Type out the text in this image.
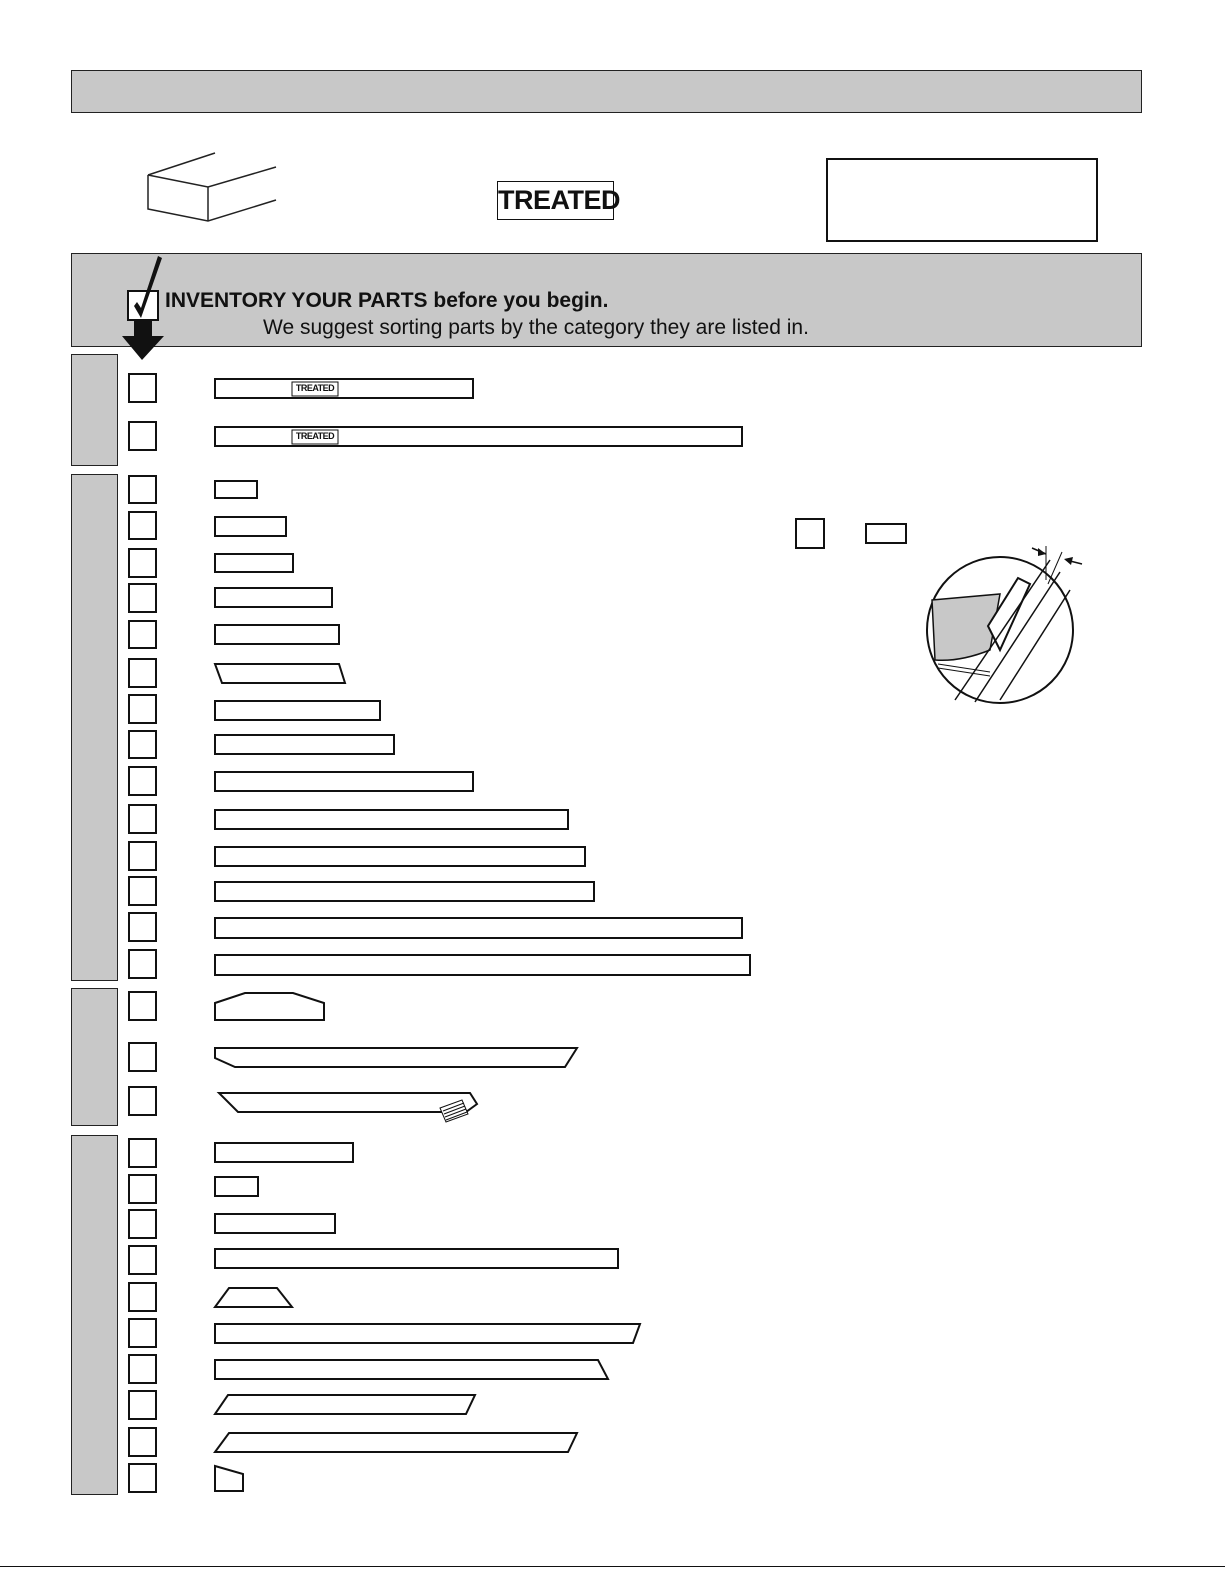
TREATED
INVENTORY YOUR PARTS before you begin.
We suggest sorting parts by the category they are listed in.
TREATED
TREATED
